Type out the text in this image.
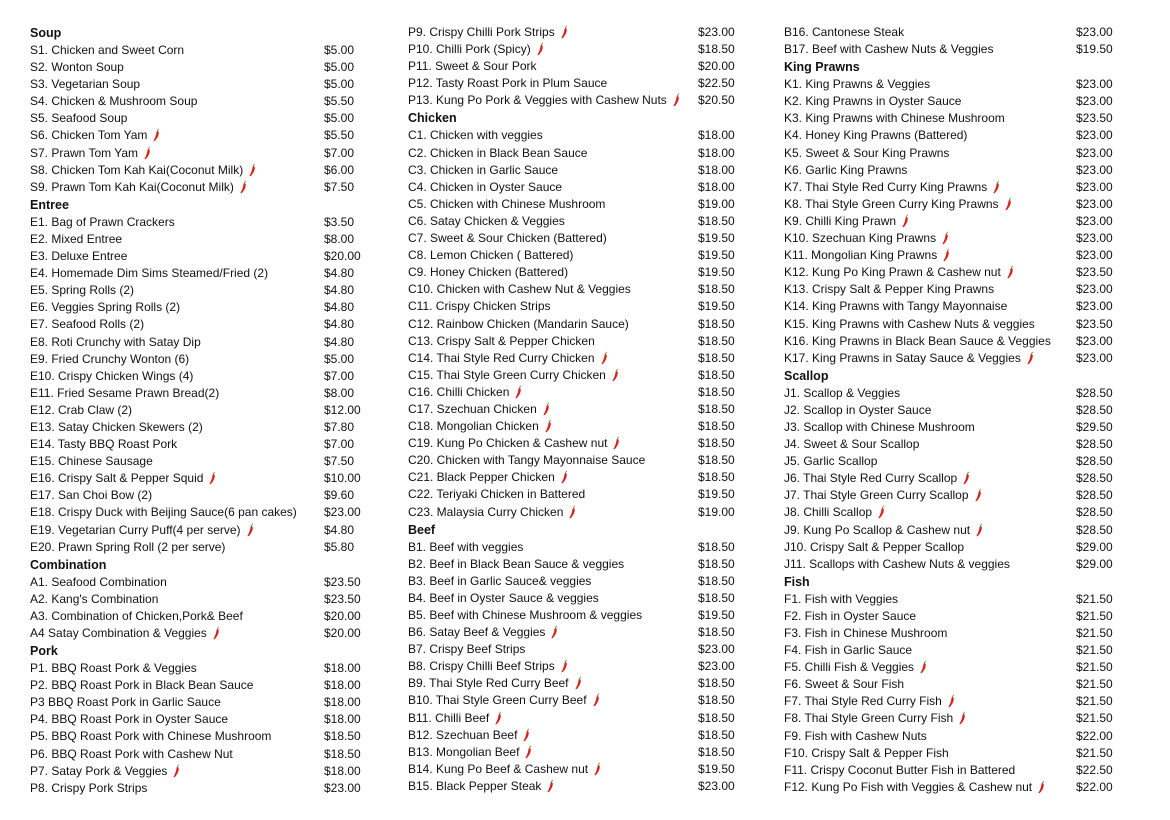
Soup
S1. Chicken and Sweet Corn	$5.00
S2. Wonton Soup	$5.00
S3. Vegetarian Soup	$5.00
S4. Chicken & Mushroom Soup	$5.50
S5. Seafood Soup	$5.00
S6. Chicken Tom Yam	$5.50
S7. Prawn Tom Yam	$7.00
S8. Chicken Tom Kah Kai(Coconut Milk)	$6.00
S9. Prawn Tom Kah Kai(Coconut Milk)	$7.50
Entree
E1. Bag of Prawn Crackers	$3.50
E2. Mixed Entree	$8.00
E3. Deluxe Entree	$20.00
E4. Homemade Dim Sims Steamed/Fried (2)	$4.80
E5. Spring Rolls (2)	$4.80
E6. Veggies Spring Rolls (2)	$4.80
E7. Seafood Rolls (2)	$4.80
E8. Roti Crunchy with Satay Dip	$4.80
E9. Fried Crunchy Wonton (6)	$5.00
E10. Crispy Chicken Wings (4)	$7.00
E11. Fried Sesame Prawn Bread(2)	$8.00
E12. Crab Claw (2)	$12.00
E13. Satay Chicken Skewers (2)	$7.80
E14. Tasty BBQ Roast Pork	$7.00
E15. Chinese Sausage	$7.50
E16. Crispy Salt & Pepper Squid	$10.00
E17. San Choi Bow (2)	$9.60
E18. Crispy Duck with Beijing Sauce(6 pan cakes) $23.00
E19. Vegetarian Curry Puff(4 per serve)	$4.80
E20. Prawn Spring Roll (2 per serve)	$5.80
Combination
A1. Seafood Combination	$23.50
A2. Kang's Combination	$23.50
A3. Combination of Chicken,Pork& Beef	$20.00
A4 Satay Combination & Veggies	$20.00
Pork
P1. BBQ Roast Pork & Veggies	$18.00
P2. BBQ Roast Pork in Black Bean Sauce	$18.00
P3 BBQ Roast Pork in Garlic Sauce	$18.00
P4. BBQ Roast Pork in Oyster Sauce	$18.00
P5. BBQ Roast Pork with Chinese Mushroom	$18.50
P6. BBQ Roast Pork with Cashew Nut	$18.50
P7. Satay Pork & Veggies	$18.00
P8. Crispy Pork Strips	$23.00
P9. Crispy Chilli Pork Strips	$23.00
P10. Chilli Pork (Spicy)	$18.50
P11. Sweet & Sour Pork	$20.00
P12. Tasty Roast Pork in Plum Sauce	$22.50
P13. Kung Po Pork & Veggies with Cashew Nuts	$20.50
Chicken
C1. Chicken with veggies	$18.00
C2. Chicken in Black Bean Sauce	$18.00
C3. Chicken in Garlic Sauce	$18.00
C4. Chicken in Oyster Sauce	$18.00
C5. Chicken with Chinese Mushroom	$19.00
C6. Satay Chicken & Veggies	$18.50
C7. Sweet & Sour Chicken (Battered)	$19.50
C8. Lemon Chicken ( Battered)	$19.50
C9. Honey Chicken (Battered)	$19.50
C10. Chicken with Cashew Nut & Veggies	$18.50
C11. Crispy Chicken Strips	$19.50
C12. Rainbow Chicken (Mandarin Sauce)	$18.50
C13. Crispy Salt & Pepper Chicken	$18.50
C14. Thai Style Red Curry Chicken	$18.50
C15. Thai Style Green Curry Chicken	$18.50
C16. Chilli Chicken	$18.50
C17. Szechuan Chicken	$18.50
C18. Mongolian Chicken	$18.50
C19. Kung Po Chicken & Cashew nut	$18.50
C20. Chicken with Tangy Mayonnaise Sauce	$18.50
C21. Black Pepper Chicken	$18.50
C22. Teriyaki Chicken in Battered	$19.50
C23. Malaysia Curry Chicken	$19.00
Beef
B1. Beef with veggies	$18.50
B2. Beef in Black Bean Sauce & veggies	$18.50
B3. Beef in Garlic Sauce& veggies	$18.50
B4. Beef in Oyster Sauce & veggies	$18.50
B5. Beef with Chinese Mushroom & veggies	$19.50
B6. Satay Beef & Veggies	$18.50
B7. Crispy Beef Strips	$23.00
B8. Crispy Chilli Beef Strips	$23.00
B9. Thai Style Red Curry Beef	$18.50
B10. Thai Style Green Curry Beef	$18.50
B11. Chilli Beef	$18.50
B12. Szechuan Beef	$18.50
B13. Mongolian Beef	$18.50
B14. Kung Po Beef & Cashew nut	$19.50
B15. Black Pepper Steak	$23.00
B16. Cantonese Steak	$23.00
B17. Beef with Cashew Nuts & Veggies	$19.50
King Prawns
K1. King Prawns & Veggies	$23.00
K2. King Prawns in Oyster Sauce	$23.00
K3. King Prawns with Chinese Mushroom	$23.50
K4. Honey King Prawns (Battered)	$23.00
K5. Sweet & Sour King Prawns	$23.00
K6. Garlic King Prawns	$23.00
K7. Thai Style Red Curry King Prawns	$23.00
K8. Thai Style Green Curry King Prawns	$23.00
K9. Chilli King Prawn	$23.00
K10. Szechuan King Prawns	$23.00
K11. Mongolian King Prawns	$23.00
K12. Kung Po King Prawn & Cashew nut	$23.50
K13. Crispy Salt & Pepper King Prawns	$23.00
K14. King Prawns with Tangy Mayonnaise	$23.00
K15. King Prawns with Cashew Nuts & veggies	$23.50
K16. King Prawns in Black Bean Sauce & Veggies $23.00
K17. King Prawns in Satay Sauce & Veggies	$23.00
Scallop
J1. Scallop & Veggies	$28.50
J2. Scallop in Oyster Sauce	$28.50
J3. Scallop with Chinese Mushroom	$29.50
J4. Sweet & Sour Scallop	$28.50
J5. Garlic Scallop	$28.50
J6. Thai Style Red Curry Scallop	$28.50
J7. Thai Style Green Curry Scallop	$28.50
J8. Chilli Scallop	$28.50
J9. Kung Po Scallop & Cashew nut	$28.50
J10. Crispy Salt & Pepper Scallop	$29.00
J11. Scallops with Cashew Nuts & veggies	$29.00
Fish
F1. Fish with Veggies	$21.50
F2. Fish in Oyster Sauce	$21.50
F3. Fish in Chinese Mushroom	$21.50
F4. Fish in Garlic Sauce	$21.50
F5. Chilli Fish & Veggies	$21.50
F6. Sweet & Sour Fish	$21.50
F7. Thai Style Red Curry Fish	$21.50
F8. Thai Style Green Curry Fish	$21.50
F9. Fish with Cashew Nuts	$22.00
F10. Crispy Salt & Pepper Fish	$21.50
F11. Crispy Coconut Butter Fish in Battered	$22.50
F12. Kung Po Fish with Veggies & Cashew nut	$22.00
